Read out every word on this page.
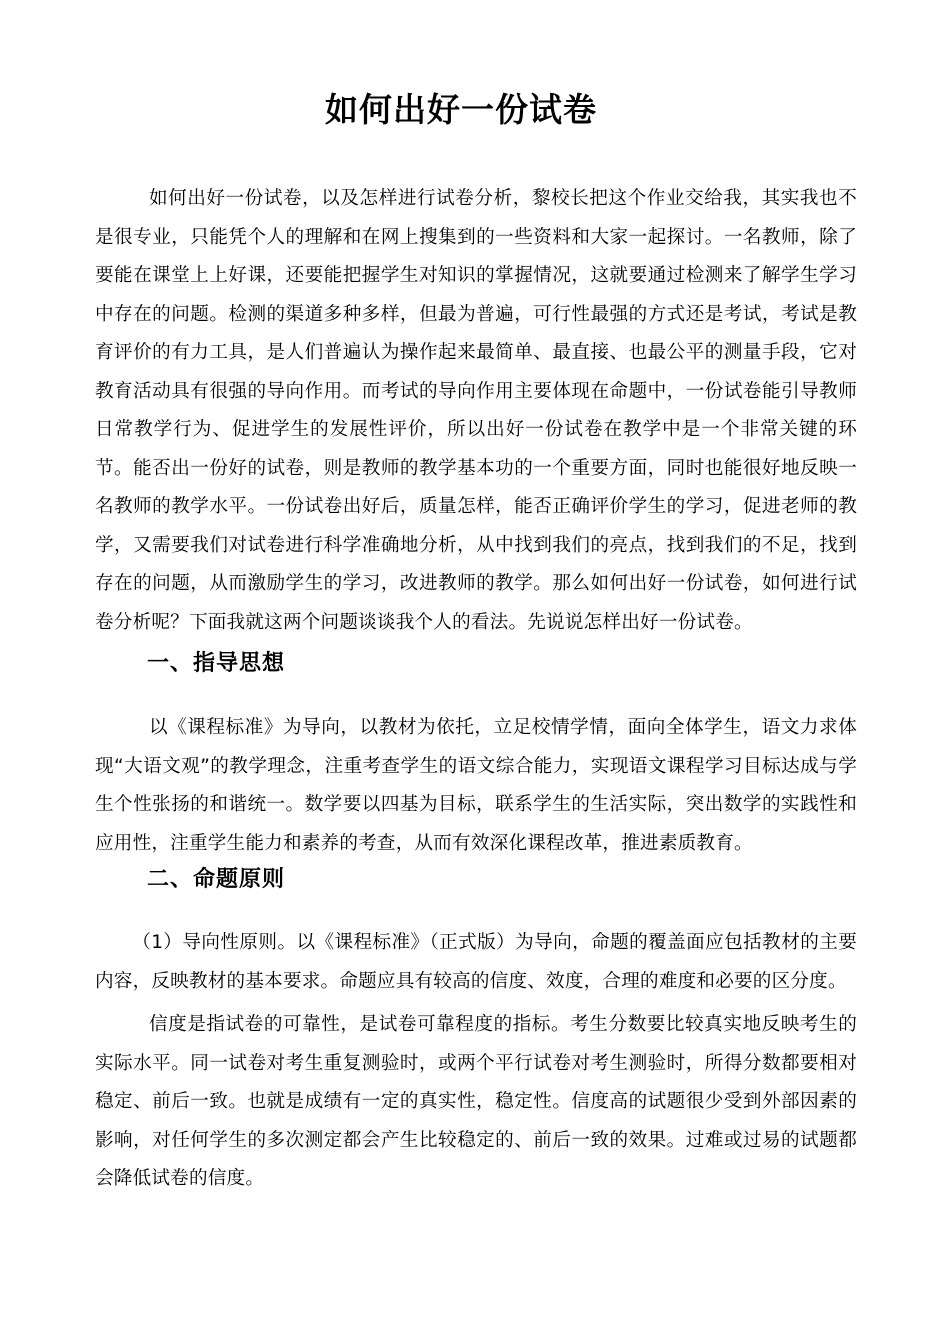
如何出好一份试卷

如何出好一份试卷，以及怎样进行试卷分析，黎校长把这个作业交给我，其实我也不是很专业，只能凭个人的理解和在网上搜集到的一些资料和大家一起探讨。一名教师，除了要能在课堂上上好课，还要能把握学生对知识的掌握情况，这就要通过检测来了解学生学习中存在的问题。检测的渠道多种多样，但最为普遍，可行性最强的方式还是考试，考试是教育评价的有力工具，是人们普遍认为操作起来最简单、最直接、也最公平的测量手段，它对教育活动具有很强的导向作用。而考试的导向作用主要体现在命题中，一份试卷能引导教师日常教学行为、促进学生的发展性评价，所以出好一份试卷在教学中是一个非常关键的环节。能否出一份好的试卷，则是教师的教学基本功的一个重要方面，同时也能很好地反映一名教师的教学水平。一份试卷出好后，质量怎样，能否正确评价学生的学习，促进老师的教学，又需要我们对试卷进行科学准确地分析，从中找到我们的亮点，找到我们的不足，找到存在的问题，从而激励学生的学习，改进教师的教学。那么如何出好一份试卷，如何进行试卷分析呢？下面我就这两个问题谈谈我个人的看法。先说说怎样出好一份试卷。

一、指导思想

以《课程标准》为导向，以教材为依托，立足校情学情，面向全体学生，语文力求体现“大语文观”的教学理念，注重考查学生的语文综合能力，实现语文课程学习目标达成与学生个性张扬的和谐统一。数学要以四基为目标，联系学生的生活实际，突出数学的实践性和应用性，注重学生能力和素养的考查，从而有效深化课程改革，推进素质教育。

二、命题原则

（1）导向性原则。以《课程标准》（正式版）为导向，命题的覆盖面应包括教材的主要内容，反映教材的基本要求。命题应具有较高的信度、效度，合理的难度和必要的区分度。

信度是指试卷的可靠性，是试卷可靠程度的指标。考生分数要比较真实地反映考生的实际水平。同一试卷对考生重复测验时，或两个平行试卷对考生测验时，所得分数都要相对稳定、前后一致。也就是成绩有一定的真实性，稳定性。信度高的试题很少受到外部因素的影响，对任何学生的多次测定都会产生比较稳定的、前后一致的效果。过难或过易的试题都会降低试卷的信度。
